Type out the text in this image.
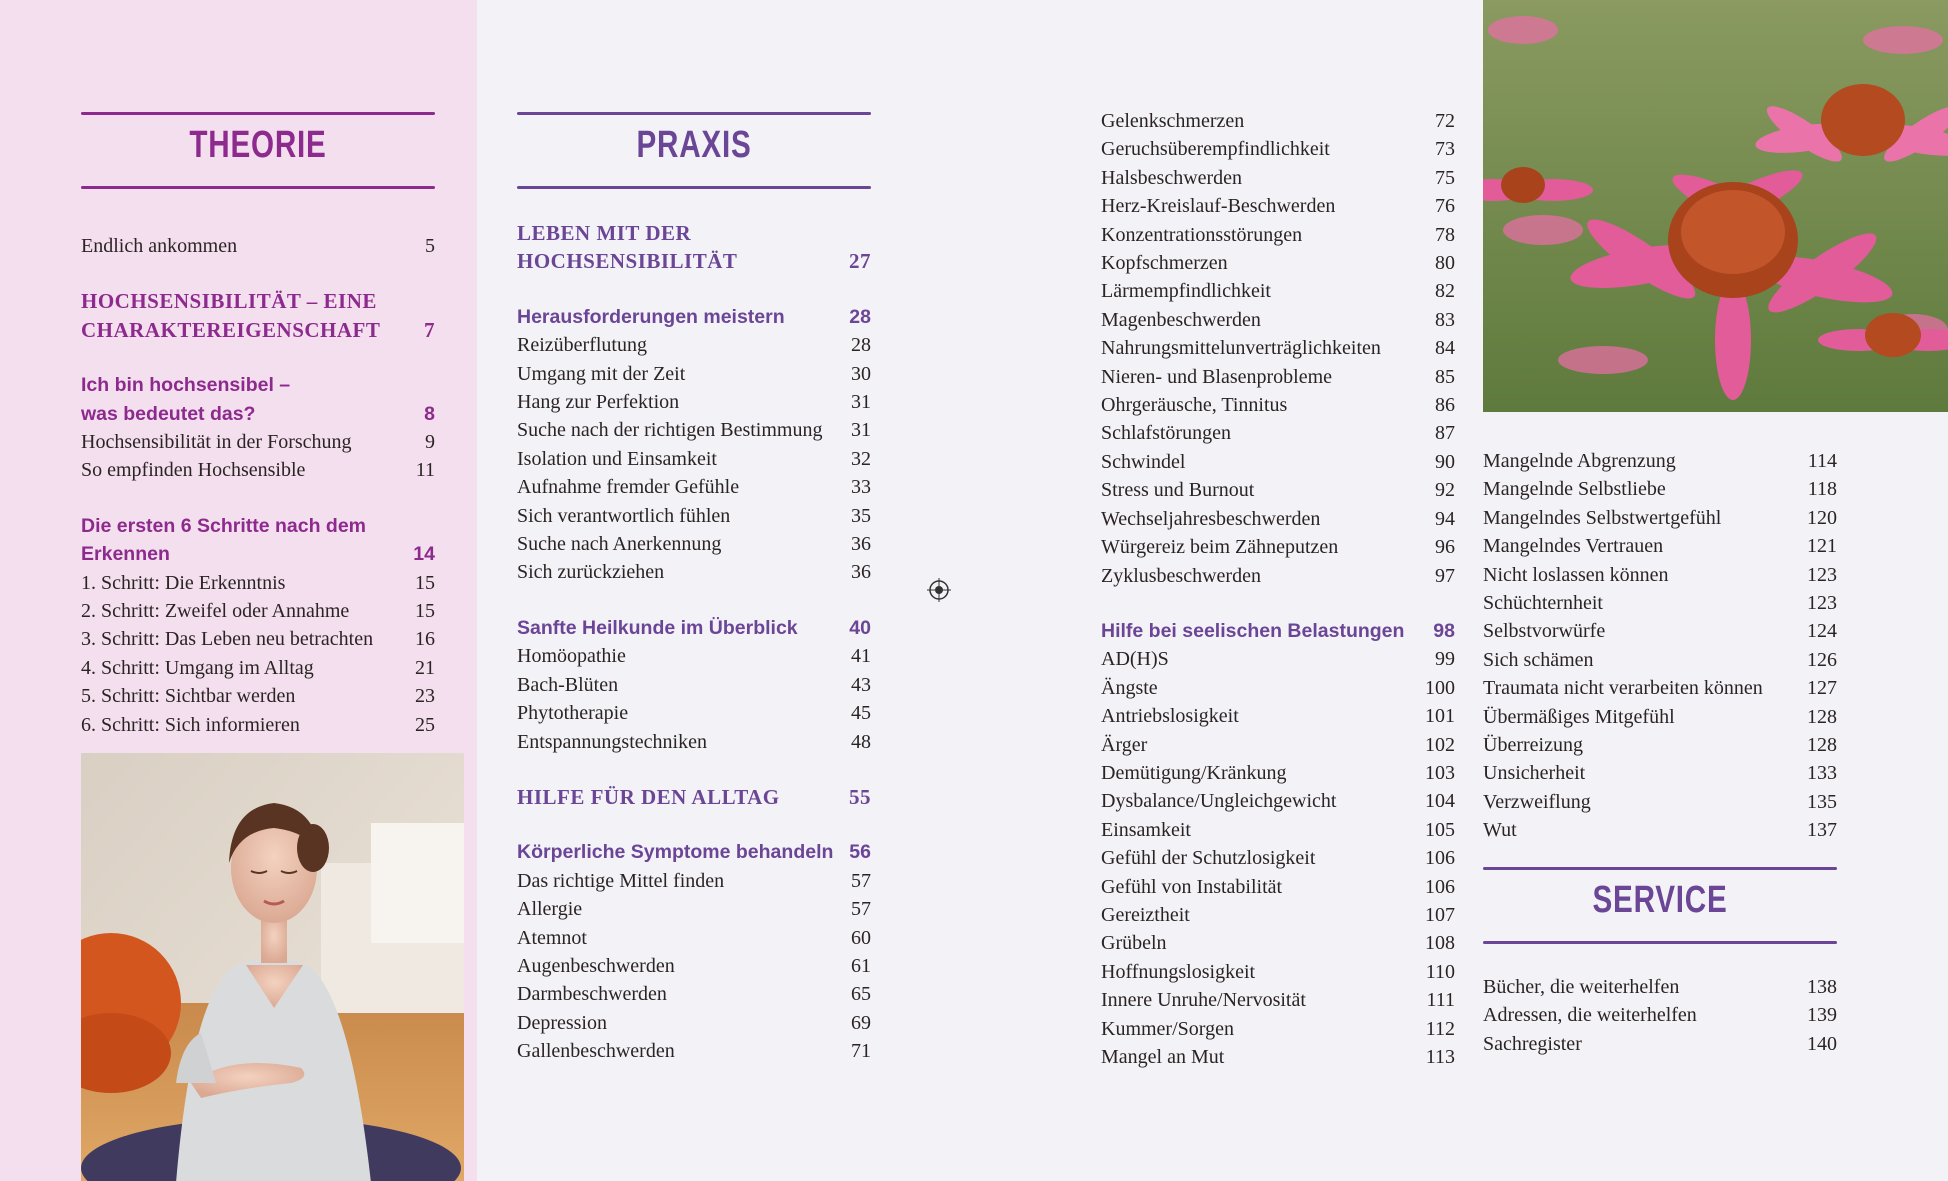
THEORIE
Endlich ankommen	5
HOCHSENSIBILITÄT – EINE
CHARAKTEREIGENSCHAFT 7
Ich bin hochsensibel –
was bedeutet das?	8
Hochsensibilität in der Forschung	9
So empfinden Hochsensible	11
Die ersten 6 Schritte nach dem
Erkennen	14
1. Schritt: Die Erkenntnis	15
2. Schritt: Zweifel oder Annahme	15
3. Schritt: Das Leben neu betrachten	16
4. Schritt: Umgang im Alltag	21
5. Schritt: Sichtbar werden	23
6. Schritt: Sich informieren	25
PRAXIS
LEBEN MIT DER
HOCHSENSIBILITÄT	27
Herausforderungen meistern	28
Reizüberflutung	28
Umgang mit der Zeit	30
Hang zur Perfektion	31
Suche nach der richtigen Bestimmung	31
Isolation und Einsamkeit	32
Aufnahme fremder Gefühle	33
Sich verantwortlich fühlen	35
Suche nach Anerkennung	36
Sich zurückziehen	36
Sanfte Heilkunde im Überblick	40
Homöopathie	41
Bach-Blüten	43
Phytotherapie	45
Entspannungstechniken	48
HILFE FÜR DEN ALLTAG	55
Körperliche Symptome behandeln 56
Das richtige Mittel finden	57
Allergie	57
Atemnot	60
Augenbeschwerden	61
Darmbeschwerden	65
Depression	69
Gallenbeschwerden	71
Gelenkschmerzen	72
Geruchsüberempfindlichkeit	73
Halsbeschwerden	75
Herz-Kreislauf-Beschwerden	76
Konzentrationsstörungen	78
Kopfschmerzen	80
Lärmempfindlichkeit	82
Magenbeschwerden	83
Nahrungsmittelunverträglichkeiten	84
Nieren- und Blasenprobleme	85
Ohrgeräusche, Tinnitus	86
Schlafstörungen	87
Schwindel	90
Stress und Burnout	92
Wechseljahresbeschwerden	94
Würgereiz beim Zähneputzen	96
Zyklusbeschwerden	97
Hilfe bei seelischen Belastungen 98
AD(H)S	99
Ängste	100
Antriebslosigkeit	101
Ärger	102
Demütigung/Kränkung	103
Dysbalance/Ungleichgewicht	104
Einsamkeit	105
Gefühl der Schutzlosigkeit	106
Gefühl von Instabilität	106
Gereiztheit	107
Grübeln	108
Hoffnungslosigkeit	110
Innere Unruhe/Nervosität	111
Kummer/Sorgen	112
Mangel an Mut	113
Mangelnde Abgrenzung	114
Mangelnde Selbstliebe	118
Mangelndes Selbstwertgefühl	120
Mangelndes Vertrauen	121
Nicht loslassen können	123
Schüchternheit	123
Selbstvorwürfe	124
Sich schämen	126
Traumata nicht verarbeiten können 127
Übermäßiges Mitgefühl	128
Überreizung	128
Unsicherheit	133
Verzweiflung	135
Wut	137
SERVICE
Bücher, die weiterhelfen	138
Adressen, die weiterhelfen	139
Sachregister	140
